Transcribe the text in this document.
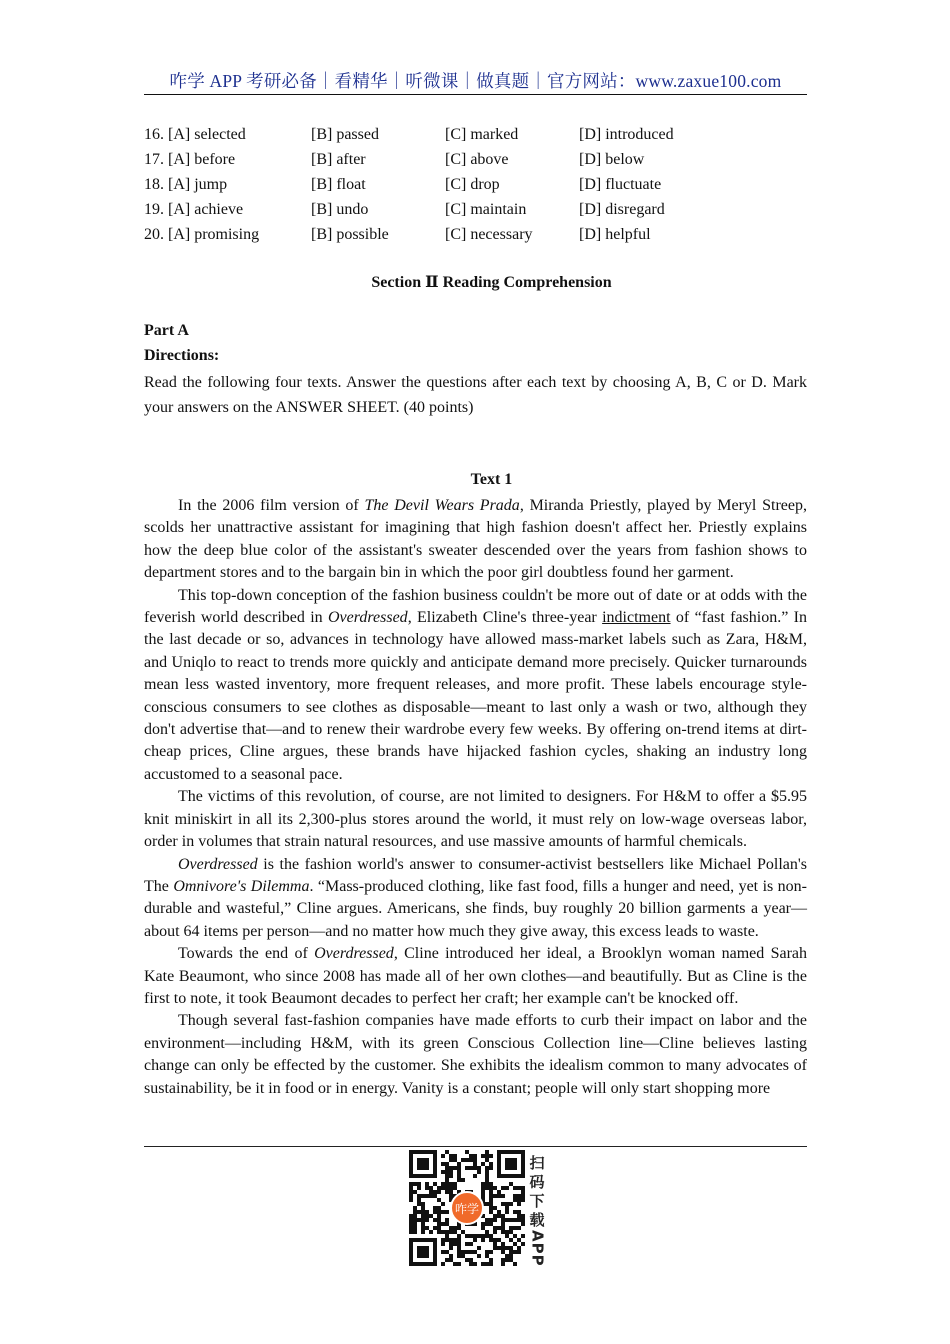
咋学 APP 考研必备｜看精华｜听微课｜做真题｜官方网站：www.zaxue100.com
16. [A] selected	[B] passed	[C] marked	[D] introduced
17. [A] before	[B] after	[C] above	[D] below
18. [A] jump	[B] float	[C] drop	[D] fluctuate
19. [A] achieve	[B] undo	[C] maintain	[D] disregard
20. [A] promising	[B] possible	[C] necessary	[D] helpful
Section Ⅱ Reading Comprehension
Part A
Directions:
Read the following four texts. Answer the questions after each text by choosing A, B, C or D. Mark your answers on the ANSWER SHEET. (40 points)
Text 1

In the 2006 film version of The Devil Wears Prada, Miranda Priestly, played by Meryl Streep, scolds her unattractive assistant for imagining that high fashion doesn't affect her. Priestly explains how the deep blue color of the assistant's sweater descended over the years from fashion shows to department stores and to the bargain bin in which the poor girl doubtless found her garment.

This top-down conception of the fashion business couldn't be more out of date or at odds with the feverish world described in Overdressed, Elizabeth Cline's three-year indictment of “fast fashion.” In the last decade or so, advances in technology have allowed mass-market labels such as Zara, H&M, and Uniqlo to react to trends more quickly and anticipate demand more precisely. Quicker turnarounds mean less wasted inventory, more frequent releases, and more profit. These labels encourage style-conscious consumers to see clothes as disposable—meant to last only a wash or two, although they don't advertise that—and to renew their wardrobe every few weeks. By offering on-trend items at dirt-cheap prices, Cline argues, these brands have hijacked fashion cycles, shaking an industry long accustomed to a seasonal pace.

The victims of this revolution, of course, are not limited to designers. For H&M to offer a $5.95 knit miniskirt in all its 2,300-plus stores around the world, it must rely on low-wage overseas labor, order in volumes that strain natural resources, and use massive amounts of harmful chemicals.

Overdressed is the fashion world's answer to consumer-activist bestsellers like Michael Pollan's The Omnivore's Dilemma. “Mass-produced clothing, like fast food, fills a hunger and need, yet is non-durable and wasteful,” Cline argues. Americans, she finds, buy roughly 20 billion garments a year—about 64 items per person—and no matter how much they give away, this excess leads to waste.

Towards the end of Overdressed, Cline introduced her ideal, a Brooklyn woman named Sarah Kate Beaumont, who since 2008 has made all of her own clothes—and beautifully. But as Cline is the first to note, it took Beaumont decades to perfect her craft; her example can't be knocked off.

Though several fast-fashion companies have made efforts to curb their impact on labor and the environment—including H&M, with its green Conscious Collection line—Cline believes lasting change can only be effected by the customer. She exhibits the idealism common to many advocates of sustainability, be it in food or in energy. Vanity is a constant; people will only start shopping more

咋学
扫
码
下
载
APP
